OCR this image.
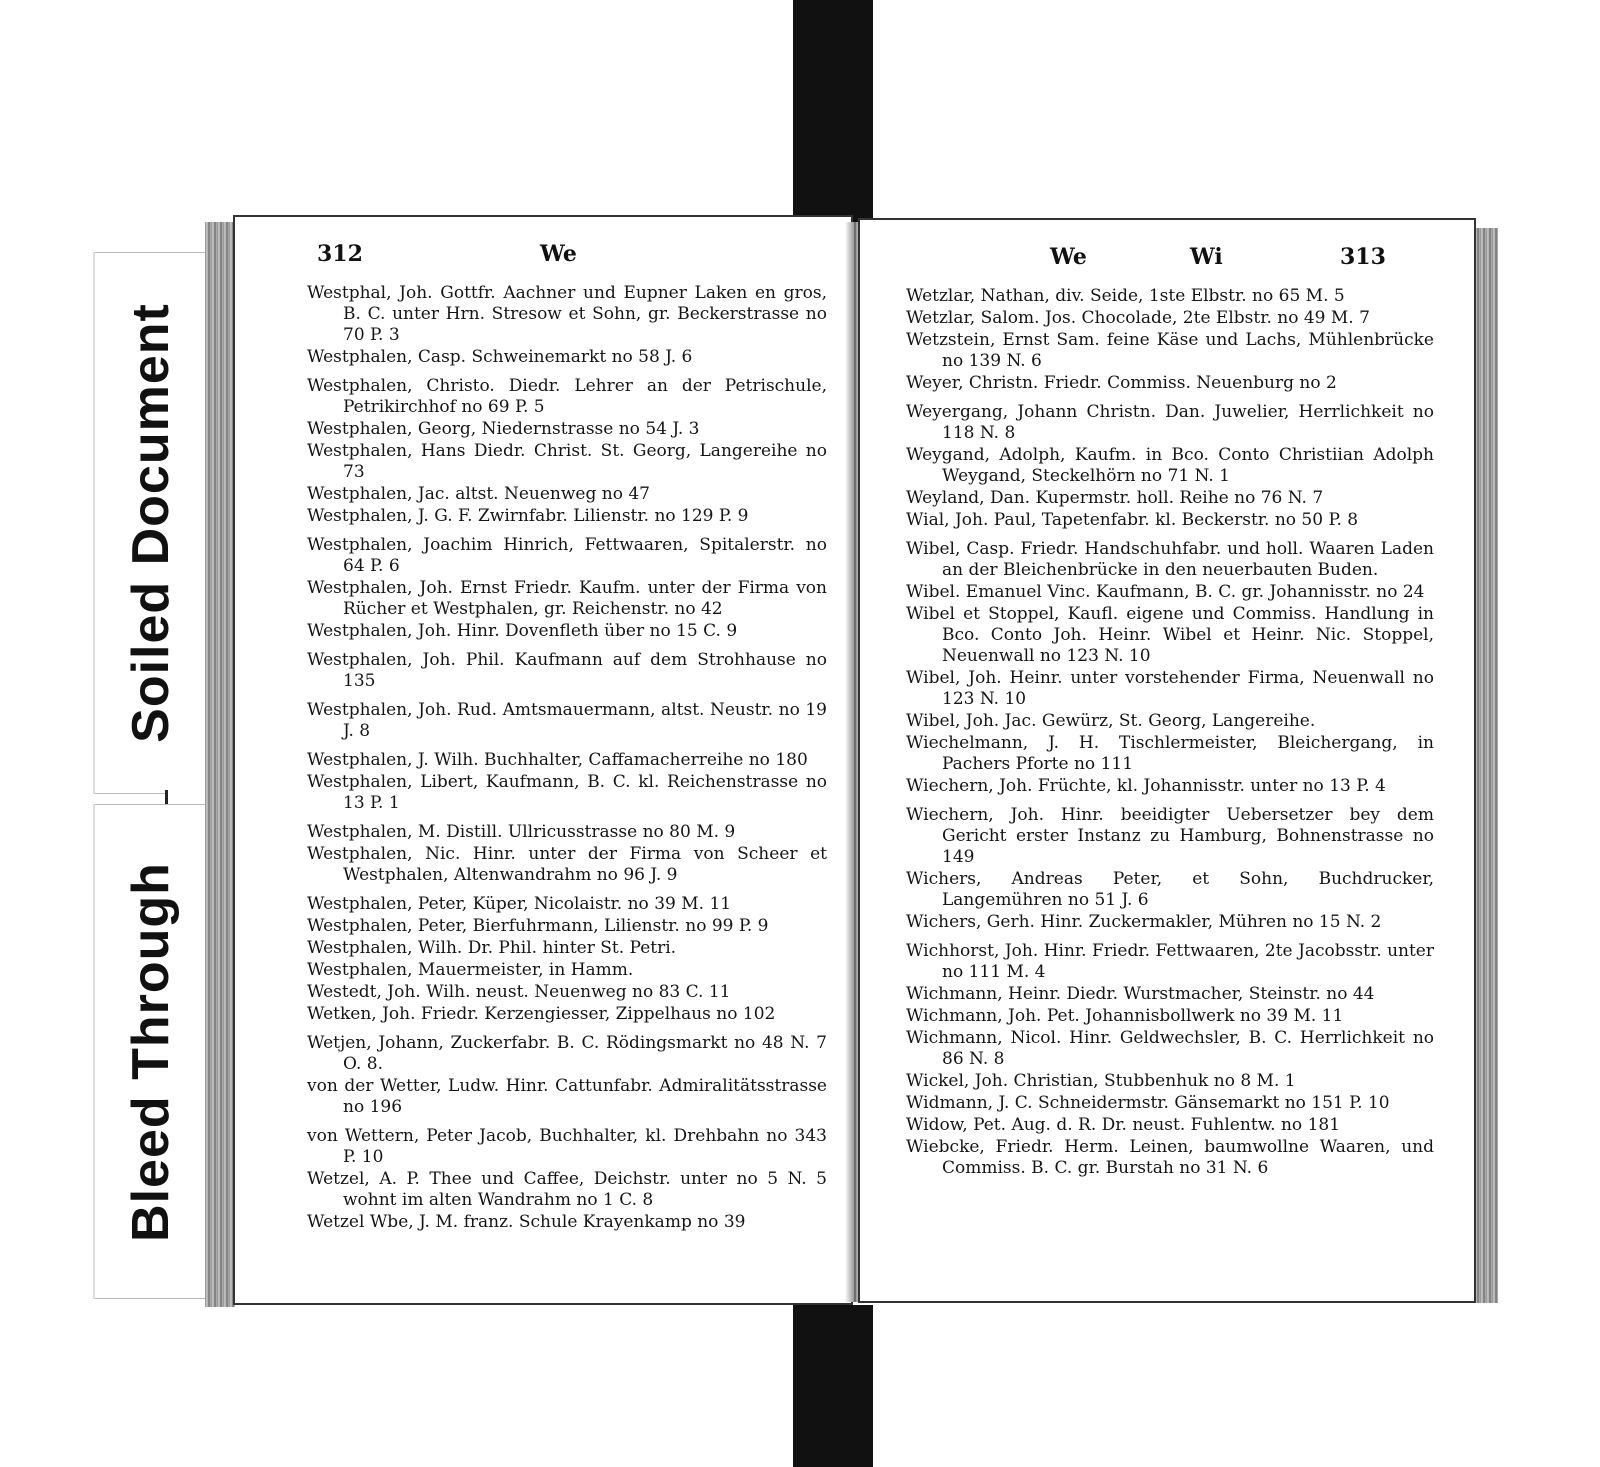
Soiled Document
Bleed Through
312	We

Westphal, Joh. Gottfr. Aachner und Eupner Laken en gros, B. C. unter Hrn. Stresow et Sohn, gr. Beckerstrasse no 70 P. 3

Westphalen, Casp. Schweinemarkt no 58 J. 6

Westphalen, Christo. Diedr. Lehrer an der Petrischule, Petrikirchhof no 69 P. 5

Westphalen, Georg, Niedernstrasse no 54 J. 3

Westphalen, Hans Diedr. Christ. St. Georg, Langereihe no 73

Westphalen, Jac. altst. Neuenweg no 47

Westphalen, J. G. F. Zwirnfabr. Lilienstr. no 129 P. 9

Westphalen, Joachim Hinrich, Fettwaaren, Spitalerstr. no 64 P. 6

Westphalen, Joh. Ernst Friedr. Kaufm. unter der Firma von Rücher et Westphalen, gr. Reichenstr. no 42

Westphalen, Joh. Hinr. Dovenfleth über no 15 C. 9

Westphalen, Joh. Phil. Kaufmann auf dem Strohhause no 135

Westphalen, Joh. Rud. Amtsmauermann, altst. Neustr. no 19 J. 8

Westphalen, J. Wilh. Buchhalter, Caffamacherreihe no 180

Westphalen, Libert, Kaufmann, B. C. kl. Reichenstrasse no 13 P. 1

Westphalen, M. Distill. Ullricusstrasse no 80 M. 9

Westphalen, Nic. Hinr. unter der Firma von Scheer et Westphalen, Altenwandrahm no 96 J. 9

Westphalen, Peter, Küper, Nicolaistr. no 39 M. 11

Westphalen, Peter, Bierfuhrmann, Lilienstr. no 99 P. 9

Westphalen, Wilh. Dr. Phil. hinter St. Petri.

Westphalen, Mauermeister, in Hamm.

Westedt, Joh. Wilh. neust. Neuenweg no 83 C. 11

Wetken, Joh. Friedr. Kerzengiesser, Zippelhaus no 102

Wetjen, Johann, Zuckerfabr. B. C. Rödingsmarkt no 48 N. 7 O. 8.

von der Wetter, Ludw. Hinr. Cattunfabr. Admiralitätsstrasse no 196

von Wettern, Peter Jacob, Buchhalter, kl. Drehbahn no 343 P. 10

Wetzel, A. P. Thee und Caffee, Deichstr. unter no 5 N. 5 wohnt im alten Wandrahm no 1 C. 8

Wetzel Wbe, J. M. franz. Schule Krayenkamp no 39

We	Wi	313

Wetzlar, Nathan, div. Seide, 1ste Elbstr. no 65 M. 5

Wetzlar, Salom. Jos. Chocolade, 2te Elbstr. no 49 M. 7

Wetzstein, Ernst Sam. feine Käse und Lachs, Mühlenbrücke no 139 N. 6

Weyer, Christn. Friedr. Commiss. Neuenburg no 2

Weyergang, Johann Christn. Dan. Juwelier, Herrlichkeit no 118 N. 8

Weygand, Adolph, Kaufm. in Bco. Conto Christiian Adolph Weygand, Steckelhörn no 71 N. 1

Weyland, Dan. Kupermstr. holl. Reihe no 76 N. 7

Wial, Joh. Paul, Tapetenfabr. kl. Beckerstr. no 50 P. 8

Wibel, Casp. Friedr. Handschuhfabr. und holl. Waaren Laden an der Bleichenbrücke in den neuerbauten Buden.

Wibel. Emanuel Vinc. Kaufmann, B. C. gr. Johannisstr. no 24

Wibel et Stoppel, Kaufl. eigene und Commiss. Handlung in Bco. Conto Joh. Heinr. Wibel et Heinr. Nic. Stoppel, Neuenwall no 123 N. 10

Wibel, Joh. Heinr. unter vorstehender Firma, Neuenwall no 123 N. 10

Wibel, Joh. Jac. Gewürz, St. Georg, Langereihe.

Wiechelmann, J. H. Tischlermeister, Bleichergang, in Pachers Pforte no 111

Wiechern, Joh. Früchte, kl. Johannisstr. unter no 13 P. 4

Wiechern, Joh. Hinr. beeidigter Uebersetzer bey dem Gericht erster Instanz zu Hamburg, Bohnenstrasse no 149

Wichers, Andreas Peter, et Sohn, Buchdrucker, Langemühren no 51 J. 6

Wichers, Gerh. Hinr. Zuckermakler, Mühren no 15 N. 2

Wichhorst, Joh. Hinr. Friedr. Fettwaaren, 2te Jacobsstr. unter no 111 M. 4

Wichmann, Heinr. Diedr. Wurstmacher, Steinstr. no 44

Wichmann, Joh. Pet. Johannisbollwerk no 39 M. 11

Wichmann, Nicol. Hinr. Geldwechsler, B. C. Herrlichkeit no 86 N. 8

Wickel, Joh. Christian, Stubbenhuk no 8 M. 1

Widmann, J. C. Schneidermstr. Gänsemarkt no 151 P. 10

Widow, Pet. Aug. d. R. Dr. neust. Fuhlentw. no 181

Wiebcke, Friedr. Herm. Leinen, baumwollne Waaren, und Commiss. B. C. gr. Burstah no 31 N. 6
